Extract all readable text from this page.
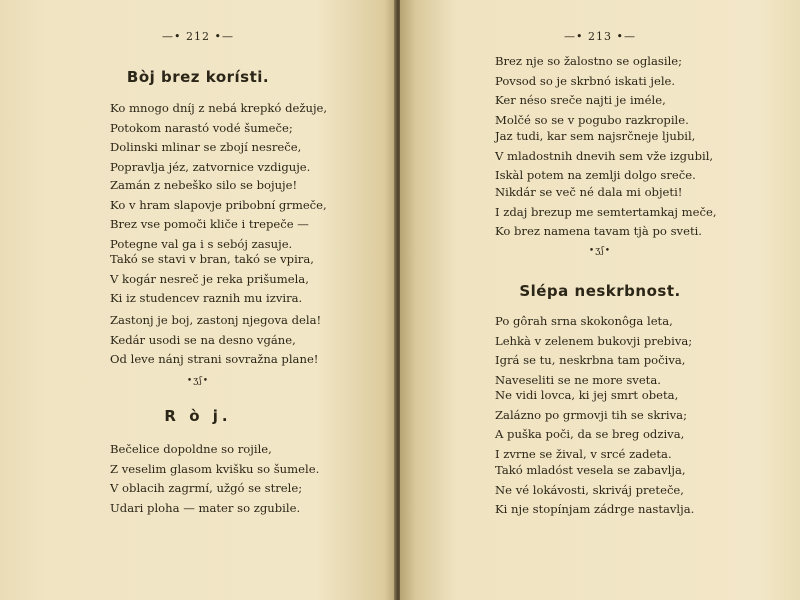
—• 212 •—
Bòj brez korísti.
Ko mnogo dníj z nebá krepkó dežuje,
Potokom narastó vodé šumeče;
Dolinski mlinar se zbojí nesreče,
Popravlja jéz, zatvornice vzdiguje.
Zamán z nebeško silo se bojuje!
Ko v hram slapovje pribobní grmeče,
Brez vse pomoči kliče i trepeče —
Potegne val ga i s sebój zasuje.
Takó se stavi v bran, takó se vpira,
V kogár nesreč je reka prišumela,
Ki iz studencev raznih mu izvira.
Zastonj je boj, zastonj njegova dela!
Kedár usodi se na desno vgáne,
Od leve nánj strani sovražna plane!
•ʒʃ•
R ò j.
Bečelice dopoldne so rojile,
Z veselim glasom kvišku so šumele.
V oblacih zagrmí, užgó se strele;
Udari ploha — mater so zgubile.
—• 213 •—
Brez nje so žalostno se oglasile;
Povsod so je skrbnó iskati jele.
Ker néso sreče najti je iméle,
Molčé so se v pogubo razkropile.
Jaz tudi, kar sem najsrčneje ljubil,
V mladostnih dnevih sem vže izgubil,
Iskàl potem na zemlji dolgo sreče.
Nikdár se več né dala mi objeti!
I zdaj brezup me semtertamkaj meče,
Ko brez namena tavam tjà po sveti.
•ʒʃ•
Slépa neskrbnost.
Po gôrah srna skokonôga leta,
Lehkà v zelenem bukovji prebiva;
Igrá se tu, neskrbna tam počiva,
Naveseliti se ne more sveta.
Ne vidi lovca, ki jej smrt obeta,
Zalázno po grmovji tih se skriva;
A puška poči, da se breg odziva,
I zvrne se žival, v srcé zadeta.
Takó mladóst vesela se zabavlja,
Ne vé lokávosti, skriváj preteče,
Ki nje stopínjam zádrge nastavlja.
